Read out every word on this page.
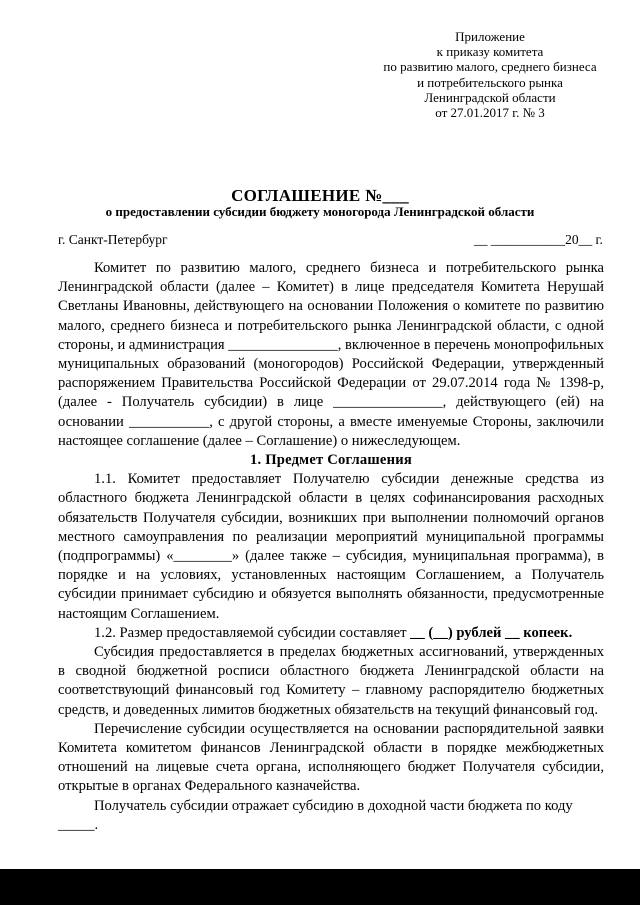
Приложение
к приказу комитета
по развитию малого, среднего бизнеса
и потребительского рынка
Ленинградской области
от 27.01.2017 г. № 3
СОГЛАШЕНИЕ №___
о предоставлении субсидии бюджету моногорода Ленинградской области
г. Санкт-Петербург	__ ___________20__ г.

Комитет по развитию малого, среднего бизнеса и потребительского рынка Ленинградской области (далее – Комитет) в лице председателя Комитета Нерушай Светланы Ивановны, действующего на основании Положения о комитете по развитию малого, среднего бизнеса и потребительского рынка Ленинградской области, с одной стороны, и администрация _______________, включенное в перечень монопрофильных муниципальных образований (моногородов) Российской Федерации, утвержденный распоряжением Правительства Российской Федерации от 29.07.2014 года № 1398-р, (далее - Получатель субсидии) в лице _______________, действующего (ей) на основании ___________, с другой стороны, а вместе именуемые Стороны, заключили настоящее соглашение (далее – Соглашение) о нижеследующем.

1. Предмет Соглашения

1.1. Комитет предоставляет Получателю субсидии денежные средства из областного бюджета Ленинградской области в целях софинансирования расходных обязательств Получателя субсидии, возникших при выполнении полномочий органов местного самоуправления по реализации мероприятий муниципальной программы (подпрограммы) «________» (далее также – субсидия, муниципальная программа), в порядке и на условиях, установленных настоящим Соглашением, а Получатель субсидии принимает субсидию и обязуется выполнять обязанности, предусмотренные настоящим Соглашением.

1.2. Размер предоставляемой субсидии составляет __ (__) рублей __ копеек.

Субсидия предоставляется в пределах бюджетных ассигнований, утвержденных в сводной бюджетной росписи областного бюджета Ленинградской области на соответствующий финансовый год Комитету – главному распорядителю бюджетных средств, и доведенных лимитов бюджетных обязательств на текущий финансовый год.

Перечисление субсидии осуществляется на основании распорядительной заявки Комитета комитетом финансов Ленинградской области в порядке межбюджетных отношений на лицевые счета органа, исполняющего бюджет Получателя субсидии, открытые в органах Федерального казначейства.

Получатель субсидии отражает субсидию в доходной части бюджета по коду

_____.
